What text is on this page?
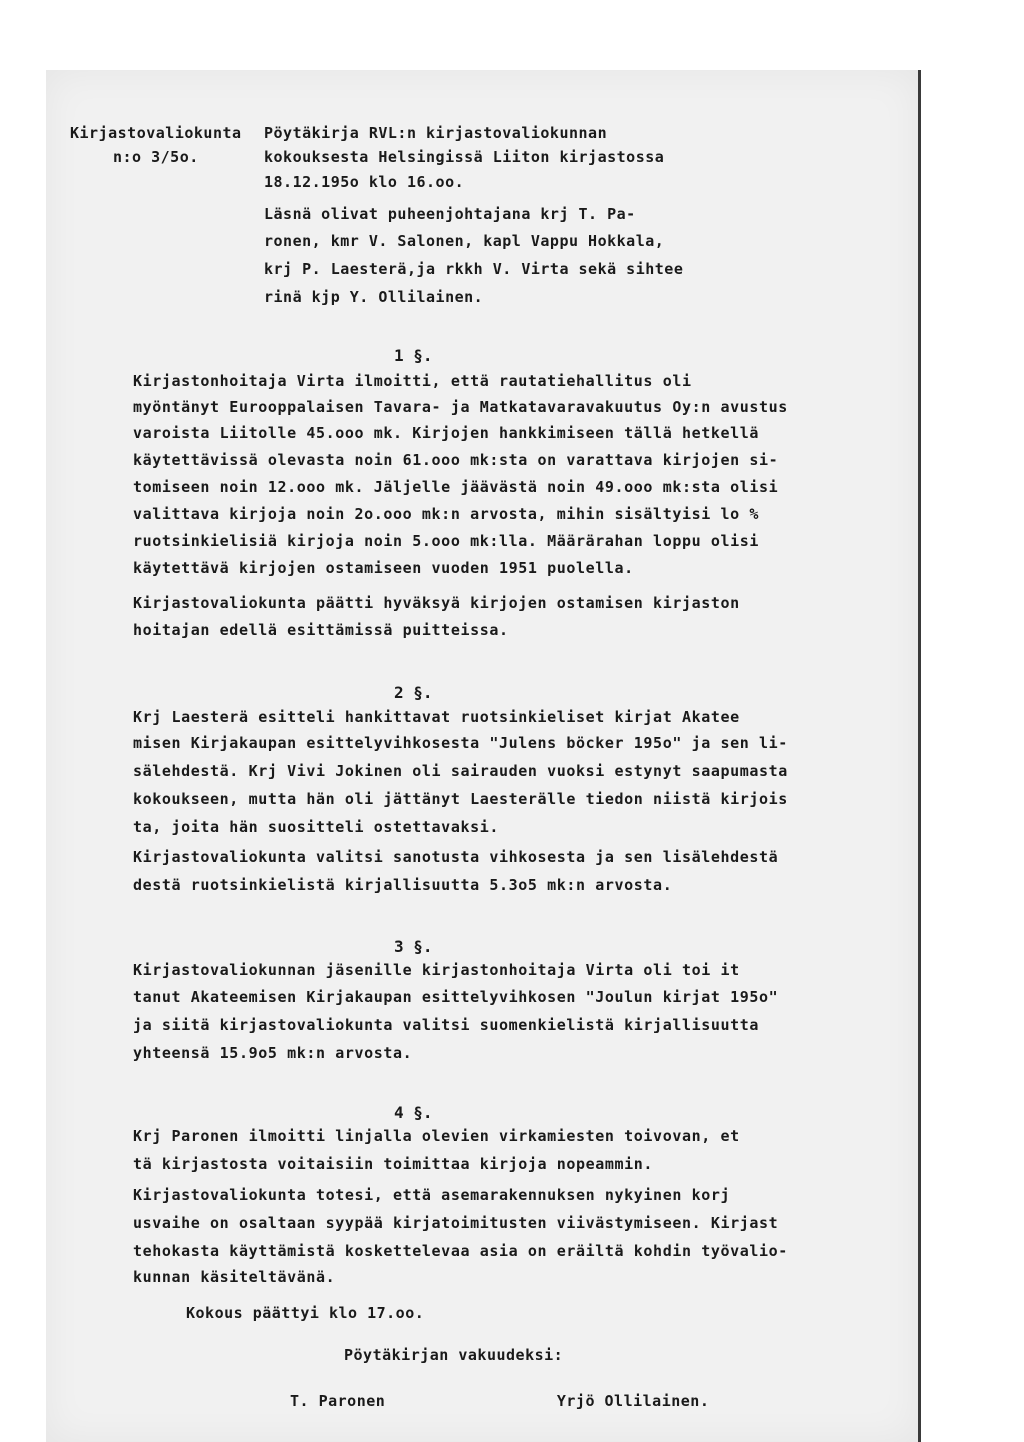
Kirjastovaliokunta
n:o 3/5o.
Pöytäkirja RVL:n kirjastovaliokunnan
kokouksesta Helsingissä Liiton kirjastossa
18.12.195o klo 16.oo.
Läsnä olivat puheenjohtajana krj T. Pa-
ronen, kmr V. Salonen, kapl Vappu Hokkala,
krj P. Laesterä,ja rkkh V. Virta sekä sihtee
rinä kjp Y. Ollilainen.
1 §.
Kirjastonhoitaja Virta ilmoitti, että rautatiehallitus oli
myöntänyt Eurooppalaisen Tavara- ja Matkatavaravakuutus Oy:n avustus
varoista Liitolle 45.ooo mk. Kirjojen hankkimiseen tällä hetkellä
käytettävissä olevasta noin 61.ooo mk:sta on varattava kirjojen si-
tomiseen noin 12.ooo mk. Jäljelle jäävästä noin 49.ooo mk:sta olisi
valittava kirjoja noin 2o.ooo mk:n arvosta, mihin sisältyisi lo %
ruotsinkielisiä kirjoja noin 5.ooo mk:lla. Määrärahan loppu olisi
käytettävä kirjojen ostamiseen vuoden 1951 puolella.
Kirjastovaliokunta päätti hyväksyä kirjojen ostamisen kirjaston
hoitajan edellä esittämissä puitteissa.
2 §.
Krj Laesterä esitteli hankittavat ruotsinkieliset kirjat Akatee
misen Kirjakaupan esittelyvihkosesta "Julens böcker 195o" ja sen li-
sälehdestä. Krj Vivi Jokinen oli sairauden vuoksi estynyt saapumasta
kokoukseen, mutta hän oli jättänyt Laesterälle tiedon niistä kirjois
ta, joita hän suositteli ostettavaksi.
Kirjastovaliokunta valitsi sanotusta vihkosesta ja sen lisälehdestä
destä ruotsinkielistä kirjallisuutta 5.3o5 mk:n arvosta.
3 §.
Kirjastovaliokunnan jäsenille kirjastonhoitaja Virta oli toi it
tanut Akateemisen Kirjakaupan esittelyvihkosen "Joulun kirjat 195o"
ja siitä kirjastovaliokunta valitsi suomenkielistä kirjallisuutta
yhteensä 15.9o5 mk:n arvosta.
4 §.
Krj Paronen ilmoitti linjalla olevien virkamiesten toivovan, et
tä kirjastosta voitaisiin toimittaa kirjoja nopeammin.
Kirjastovaliokunta totesi, että asemarakennuksen nykyinen korj
usvaihe on osaltaan syypää kirjatoimitusten viivästymiseen. Kirjast
tehokasta käyttämistä koskettelevaa asia on eräiltä kohdin työvalio-
kunnan käsiteltävänä.
Kokous päättyi klo 17.oo.
Pöytäkirjan vakuudeksi:
T. Paronen                  Yrjö Ollilainen.
